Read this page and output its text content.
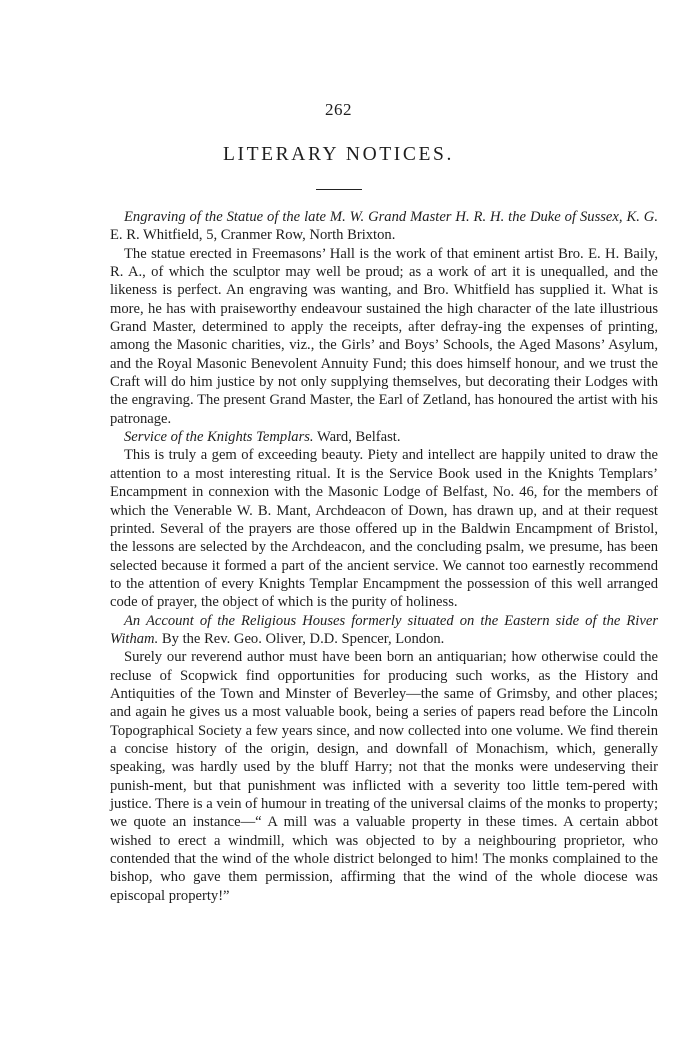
262
LITERARY NOTICES.

Engraving of the Statue of the late M. W. Grand Master H. R. H. the Duke of Sussex, K. G. E. R. Whitfield, 5, Cranmer Row, North Brixton.

The statue erected in Freemasons’ Hall is the work of that eminent artist Bro. E. H. Baily, R. A., of which the sculptor may well be proud; as a work of art it is unequalled, and the likeness is perfect. An engraving was wanting, and Bro. Whitfield has supplied it. What is more, he has with praiseworthy endeavour sustained the high character of the late illustrious Grand Master, determined to apply the receipts, after defray-ing the expenses of printing, among the Masonic charities, viz., the Girls’ and Boys’ Schools, the Aged Masons’ Asylum, and the Royal Masonic Benevolent Annuity Fund; this does himself honour, and we trust the Craft will do him justice by not only supplying themselves, but decorating their Lodges with the engraving. The present Grand Master, the Earl of Zetland, has honoured the artist with his patronage.

Service of the Knights Templars. Ward, Belfast.

This is truly a gem of exceeding beauty. Piety and intellect are happily united to draw the attention to a most interesting ritual. It is the Service Book used in the Knights Templars’ Encampment in connexion with the Masonic Lodge of Belfast, No. 46, for the members of which the Venerable W. B. Mant, Archdeacon of Down, has drawn up, and at their request printed. Several of the prayers are those offered up in the Baldwin Encampment of Bristol, the lessons are selected by the Archdeacon, and the concluding psalm, we presume, has been selected because it formed a part of the ancient service. We cannot too earnestly recommend to the attention of every Knights Templar Encampment the possession of this well arranged code of prayer, the object of which is the purity of holiness.

An Account of the Religious Houses formerly situated on the Eastern side of the River Witham. By the Rev. Geo. Oliver, D.D. Spencer, London.

Surely our reverend author must have been born an antiquarian; how otherwise could the recluse of Scopwick find opportunities for producing such works, as the History and Antiquities of the Town and Minster of Beverley—the same of Grimsby, and other places; and again he gives us a most valuable book, being a series of papers read before the Lincoln Topographical Society a few years since, and now collected into one volume. We find therein a concise history of the origin, design, and downfall of Monachism, which, generally speaking, was hardly used by the bluff Harry; not that the monks were undeserving their punish-ment, but that punishment was inflicted with a severity too little tem-pered with justice. There is a vein of humour in treating of the universal claims of the monks to property; we quote an instance—“ A mill was a valuable property in these times. A certain abbot wished to erect a windmill, which was objected to by a neighbouring proprietor, who contended that the wind of the whole district belonged to him! The monks complained to the bishop, who gave them permission, affirming that the wind of the whole diocese was episcopal property!”
